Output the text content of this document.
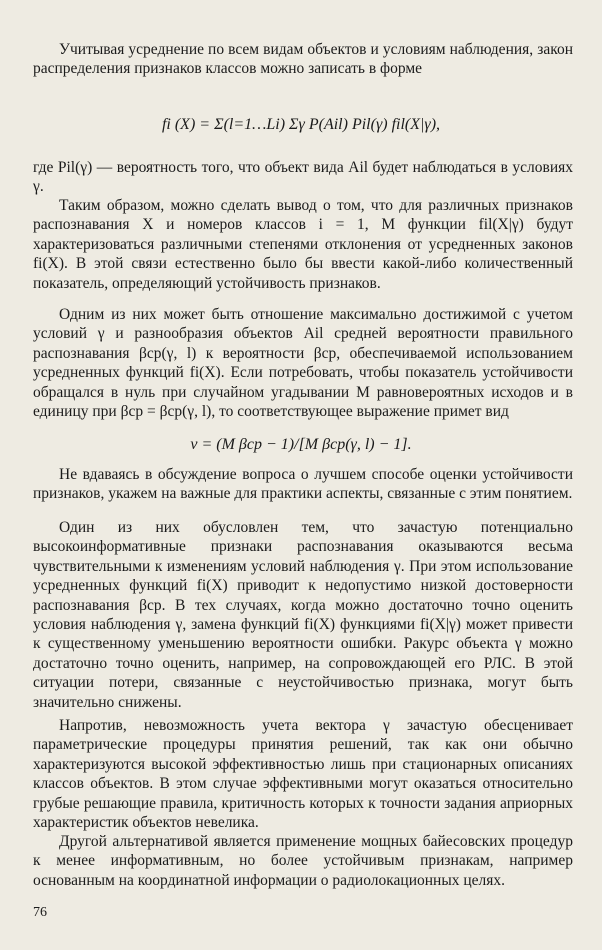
Учитывая усреднение по всем видам объектов и условиям наблюдения, закон распределения признаков классов можно записать в форме

fi (X) = Σ(l=1…Li) Σγ P(Ail) Pil(γ) fil(X|γ),

где Pil(γ) — вероятность того, что объект вида Ail будет наблюдаться в условиях γ.

Таким образом, можно сделать вывод о том, что для различных признаков распознавания X и номеров классов i = 1, M функции fil(X|γ) будут характеризоваться различными степенями отклонения от усредненных законов fi(X). В этой связи естественно было бы ввести какой-либо количественный показатель, определяющий устойчивость признаков.

Одним из них может быть отношение максимально достижимой с учетом условий γ и разнообразия объектов Ail средней вероятности правильного распознавания βср(γ, l) к вероятности βср, обеспечиваемой использованием усредненных функций fi(X). Если потребовать, чтобы показатель устойчивости обращался в нуль при случайном угадывании M равновероятных исходов и в единицу при βср = βср(γ, l), то соответствующее выражение примет вид

ν = (M βср − 1)/[M βср(γ, l) − 1].

Не вдаваясь в обсуждение вопроса о лучшем способе оценки устойчивости признаков, укажем на важные для практики аспекты, связанные с этим понятием.

Один из них обусловлен тем, что зачастую потенциально высокоинформативные признаки распознавания оказываются весьма чувствительными к изменениям условий наблюдения γ. При этом использование усредненных функций fi(X) приводит к недопустимо низкой достоверности распознавания βср. В тех случаях, когда можно достаточно точно оценить условия наблюдения γ, замена функций fi(X) функциями fi(X|γ) может привести к существенному уменьшению вероятности ошибки. Ракурс объекта γ можно достаточно точно оценить, например, на сопровождающей его РЛС. В этой ситуации потери, связанные с неустойчивостью признака, могут быть значительно снижены.

Напротив, невозможность учета вектора γ зачастую обесценивает параметрические процедуры принятия решений, так как они обычно характеризуются высокой эффективностью лишь при стационарных описаниях классов объектов. В этом случае эффективными могут оказаться относительно грубые решающие правила, критичность которых к точности задания априорных характеристик объектов невелика.

Другой альтернативой является применение мощных байесовских процедур к менее информативным, но более устойчивым признакам, например основанным на координатной информации о радиолокационных целях.

76
